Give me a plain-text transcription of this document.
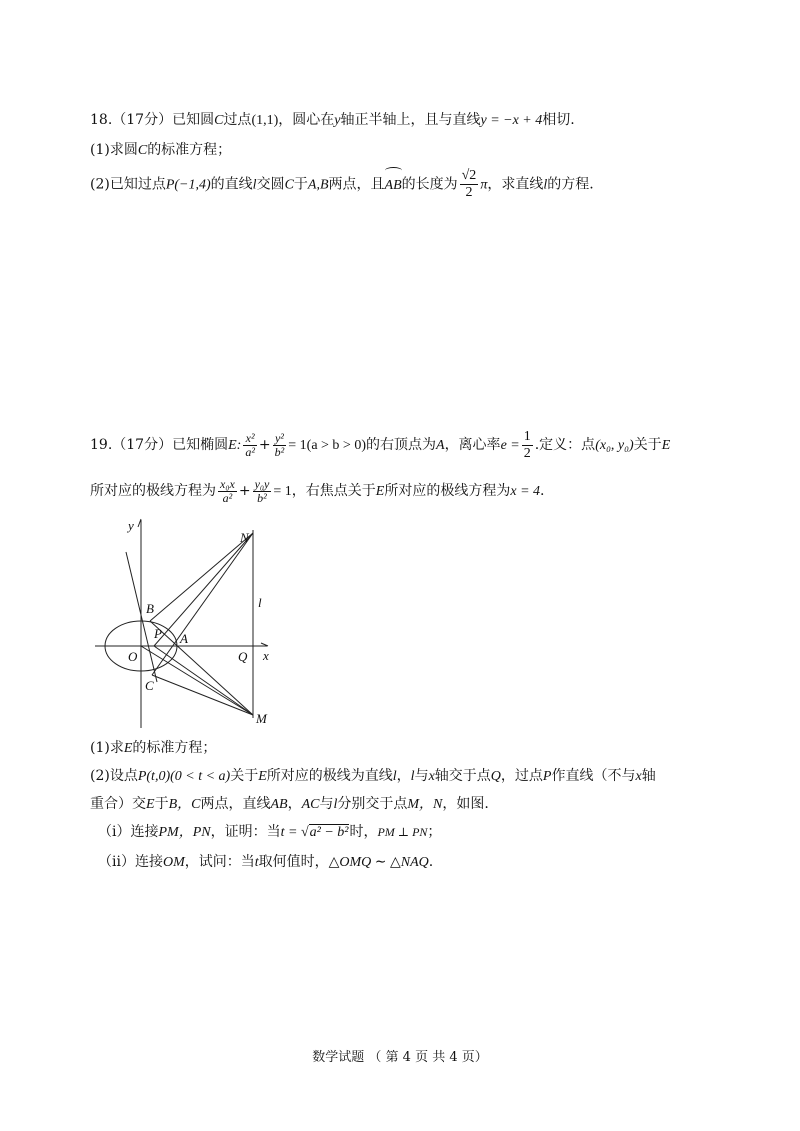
18.（17分）已知圆C过点(1,1)，圆心在y轴正半轴上，且与直线y = −x + 4相切.
(1)求圆C的标准方程；
(2)已知过点P(−1,4)的直线l交圆C于A,B两点，且AB的长度为 $\frac{√2}{2}$ π，求直线l的方程.
19.（17分）已知椭圆E: $\frac{\text{x²}}{\text{a²}} + \frac{\text{y²}}{\text{b²}} = 1(a > b > 0)$的右顶点为A，离心率$e = \frac{1}{2}$ .定义：点(x₀, y₀)关于E
所对应的极线方程为 $\frac{\text{x₀x}}{\text{a²}} + \frac{\text{y₀y}}{\text{b²}} = 1$，右焦点关于E所对应的极线方程为x = 4.
y
x
O
A
B
C
P
Q
N
M
l
(1)求E的标准方程；
(2)设点P(t,0)(0 < t < a)关于E所对应的极线为直线l，l与x轴交于点Q，过点P作直线（不与x轴
重合）交E于B，C两点，直线AB，AC与l分别交于点M，N，如图.
（i）连接PM，PN，证明：当t = √a² − b²时，PM ⊥ PN；
（ii）连接OM，试问：当t取何值时，△OMQ ∼ △NAQ.
数学试题 （ 第 4 页 共 4 页）
